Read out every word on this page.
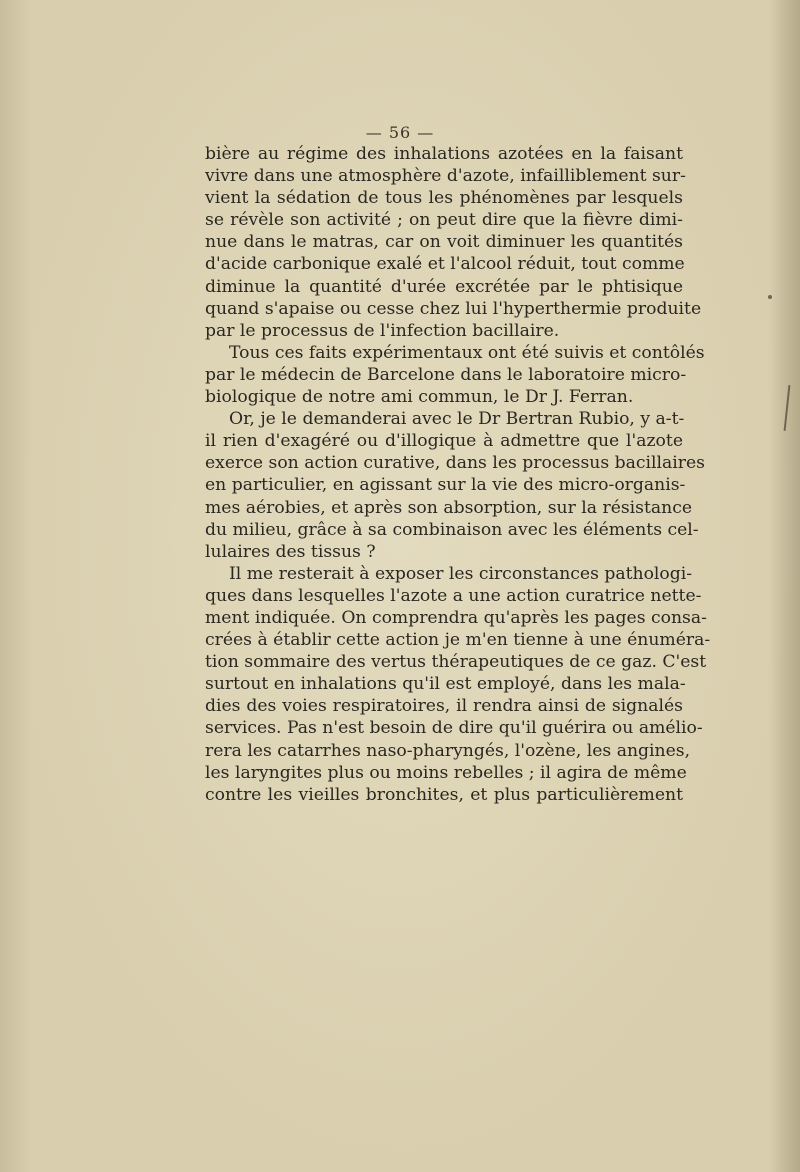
— 56 —
bière au régime des inhalations azotées en la faisant
vivre dans une atmosphère d'azote, infailliblement sur-
vient la sédation de tous les phénomènes par lesquels
se révèle son activité ; on peut dire que la fièvre dimi-
nue dans le matras, car on voit diminuer les quantités
d'acide carbonique exalé et l'alcool réduit, tout comme
diminue la quantité d'urée excrétée par le phtisique
quand s'apaise ou cesse chez lui l'hyperthermie produite
par le processus de l'infection bacillaire.
Tous ces faits expérimentaux ont été suivis et contôlés
par le médecin de Barcelone dans le laboratoire micro-
biologique de notre ami commun, le Dr J. Ferran.
Or, je le demanderai avec le Dr Bertran Rubio, y a-t-
il rien d'exagéré ou d'illogique à admettre que l'azote
exerce son action curative, dans les processus bacillaires
en particulier, en agissant sur la vie des micro-organis-
mes aérobies, et après son absorption, sur la résistance
du milieu, grâce à sa combinaison avec les éléments cel-
lulaires des tissus ?
Il me resterait à exposer les circonstances pathologi-
ques dans lesquelles l'azote a une action curatrice nette-
ment indiquée. On comprendra qu'après les pages consa-
crées à établir cette action je m'en tienne à une énuméra-
tion sommaire des vertus thérapeutiques de ce gaz. C'est
surtout en inhalations qu'il est employé, dans les mala-
dies des voies respiratoires, il rendra ainsi de signalés
services. Pas n'est besoin de dire qu'il guérira ou amélio-
rera les catarrhes naso-pharyngés, l'ozène, les angines,
les laryngites plus ou moins rebelles ; il agira de même
contre les vieilles bronchites, et plus particulièrement
